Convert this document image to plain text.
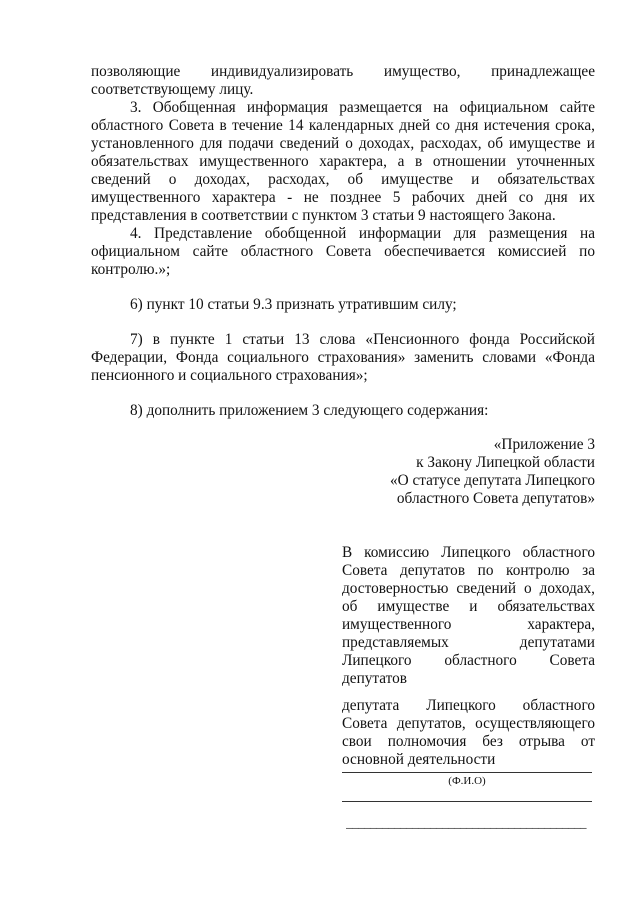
позволяющие индивидуализировать имущество, принадлежащее
соответствующему лицу.
3. Обобщенная информация размещается на официальном сайте
областного Совета в течение 14 календарных дней со дня истечения срока,
установленного для подачи сведений о доходах, расходах, об имуществе и
обязательствах имущественного характера, а в отношении уточненных
сведений о доходах, расходах, об имуществе и обязательствах
имущественного характера - не позднее 5 рабочих дней со дня их
представления в соответствии с пунктом 3 статьи 9 настоящего Закона.
4. Представление обобщенной информации для размещения на
официальном сайте областного Совета обеспечивается комиссией по
контролю.»;
6) пункт 10 статьи 9.3 признать утратившим силу;
7) в пункте 1 статьи 13 слова «Пенсионного фонда Российской
Федерации, Фонда социального страхования» заменить словами «Фонда
пенсионного и социального страхования»;
8) дополнить приложением 3 следующего содержания:
«Приложение 3
к Закону Липецкой области
«О статусе депутата Липецкого
областного Совета депутатов»
В комиссию Липецкого областного
Совета депутатов по контролю за
достоверностью сведений о доходах,
об имуществе и обязательствах
имущественного характера,
представляемых депутатами
Липецкого областного Совета
депутатов
депутата Липецкого областного
Совета депутатов, осуществляющего
свои полномочия без отрыва от
основной деятельности
(Ф.И.О)
________________________________________
